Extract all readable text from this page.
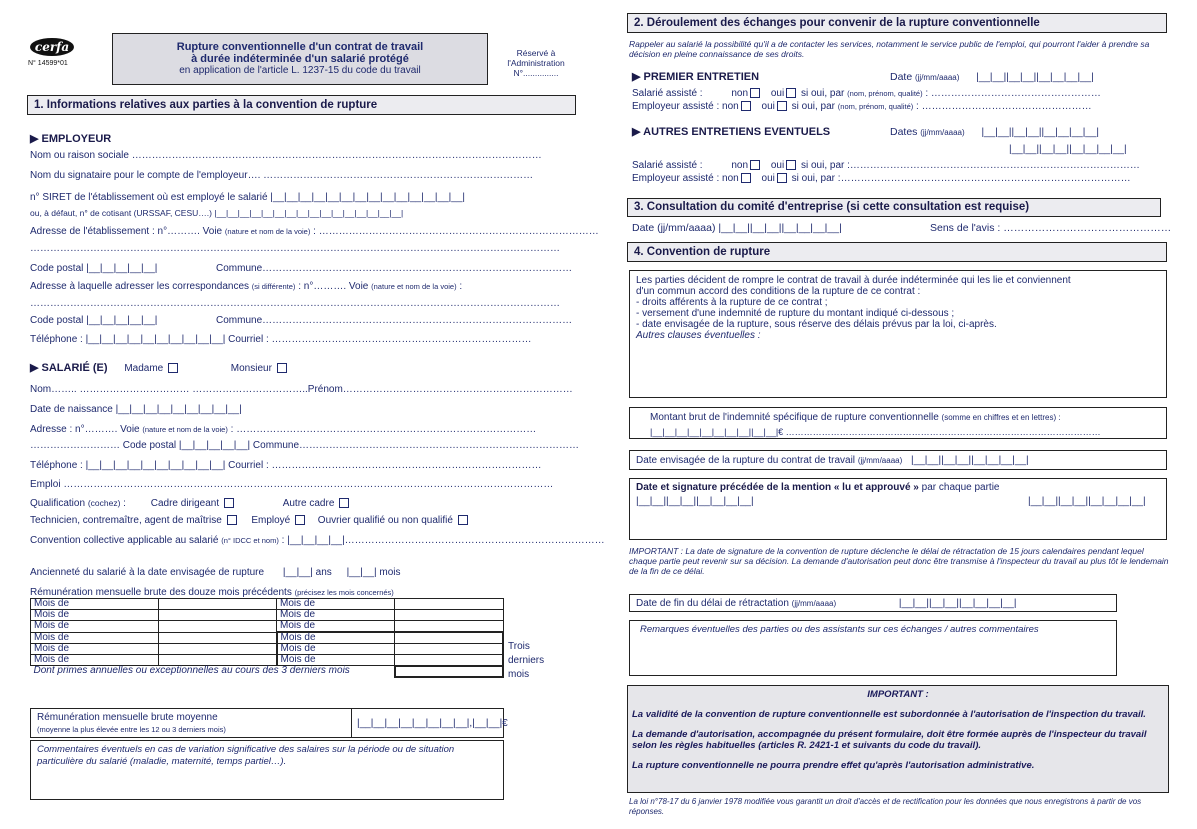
cerfa
N° 14599*01
Rupture conventionnelle d'un contrat de travail
à durée indéterminée d'un salarié protégé
en application de l'article L. 1237-15 du code du travail
Réservé à
l'Administration
N°...............
1. Informations relatives aux parties à la convention de rupture
▶ EMPLOYEUR
Nom ou raison sociale ……………………………………………………………………………………………………………
Nom du signataire pour le compte de l'employeur…. ………………………………………………………………………
n° SIRET de l'établissement où est employé le salarié |__|__|__|__|__|__|__|__|__|__|__|__|__|__|
ou, à défaut, n° de cotisant (URSSAF, CESU….) |__|__|__|__|__|__|__|__|__|__|__|__|__|__|__|__|
Adresse de l'établissement : n°………. Voie (nature et nom de la voie) : …………………………………………………………………………
……………………………………………………………………………………………………………………………………………
Code postal |__|__|__|__|__|	Commune…………………………………………………………………………………
Adresse à laquelle adresser les correspondances (si différente) : n°………. Voie (nature et nom de la voie) :
……………………………………………………………………………………………………………………………………………
Code postal |__|__|__|__|__|	Commune…………………………………………………………………………………
Téléphone : |__|__|__|__|__|__|__|__|__|__| Courriel : ……………………………………………………………………
▶ SALARIÉ (E) Madame	Monsieur
Nom…….. …………………………… ……………………………..Prénom……………………………………………………………
Date de naissance |__|__|__|__|__|__|__|__|__|
Adresse : n°………. Voie (nature et nom de la voie) : ………………………………………………………………………………
……………………… Code postal |__|__|__|__|__| Commune…………………………………………………………………………
Téléphone : |__|__|__|__|__|__|__|__|__|__| Courriel : ………………………………………………………………………
Emploi …………………………………………………………………………………………………………………………………
Qualification (cochez) : Cadre dirigeant	Autre cadre
Technicien, contremaître, agent de maîtrise	Employé	Ouvrier qualifié ou non qualifié
Convention collective applicable au salarié (n° IDCC et nom) : |__|__|__|__|……………………………………………………………………
Ancienneté du salarié à la date envisagée de rupture |__|__| ans |__|__| mois
Rémunération mensuelle brute des douze mois précédents (précisez les mois concernés)
Mois de		Mois de	
Mois de		Mois de	
Mois de		Mois de	
Mois de		Mois de	
Mois de		Mois de	
Mois de		Mois de	
Dont primes annuelles ou exceptionnelles au cours des 3 derniers mois			
Trois
derniers
mois
Rémunération mensuelle brute moyenne
(moyenne la plus élevée entre les 12 ou 3 derniers mois)
|__|__|__|__|__|__|__|__|,|__|__|€
Commentaires éventuels en cas de variation significative des salaires sur la période ou de situation particulière du salarié (maladie, maternité, temps partiel…).
2. Déroulement des échanges pour convenir de la rupture conventionnelle
Rappeler au salarié la possibilité qu'il a de contacter les services, notamment le service public de l'emploi, qui pourront l'aider à prendre sa décision en pleine connaissance de ses droits.
▶ PREMIER ENTRETIEN	Date (jj/mm/aaaa) |__|__||__|__||__|__|__|__|
Salarié assisté :	non oui si oui, par (nom, prénom, qualité) : ……………………………………………
Employeur assisté : non oui si oui, par (nom, prénom, qualité) : ……………………………………………
▶ AUTRES ENTRETIENS EVENTUELS	Dates (jj/mm/aaaa) |__|__||__|__||__|__|__|__|
|__|__||__|__||__|__|__|__|
Salarié assisté :	non oui si oui, par :……………………………………………………………………………
Employeur assisté : non oui si oui, par :……………………………………………………………………………
3. Consultation du comité d'entreprise (si cette consultation est requise)
Date (jj/mm/aaaa) |__|__||__|__||__|__|__|__|	Sens de l'avis : …………………………………………
4. Convention de rupture
Les parties décident de rompre le contrat de travail à durée indéterminée qui les lie et conviennent
d'un commun accord des conditions de la rupture de ce contrat :
- droits afférents à la rupture de ce contrat ;
- versement d'une indemnité de rupture du montant indiqué ci-dessous ;
- date envisagée de la rupture, sous réserve des délais prévus par la loi, ci-après.
Autres clauses éventuelles :
Montant brut de l'indemnité spécifique de rupture conventionnelle (somme en chiffres et en lettres) :
|__|__|__|__|__|__|__|__||__|__|€ ……………………………………………………………………………………………
Date envisagée de la rupture du contrat de travail (jj/mm/aaaa) |__|__||__|__||__|__|__|__|
Date et signature précédée de la mention « lu et approuvé » par chaque partie
|__|__||__|__||__|__|__|__|	|__|__||__|__||__|__|__|__|
IMPORTANT : La date de signature de la convention de rupture déclenche le délai de rétractation de 15 jours calendaires pendant lequel chaque partie peut revenir sur sa décision. La demande d'autorisation peut donc être transmise à l'inspecteur du travail au plus tôt le lendemain de la fin de ce délai.
Date de fin du délai de rétractation (jj/mm/aaaa)	|__|__||__|__||__|__|__|__|
Remarques éventuelles des parties ou des assistants sur ces échanges / autres commentaires
IMPORTANT :
La validité de la convention de rupture conventionnelle est subordonnée à l'autorisation de l'inspection du travail.
La demande d'autorisation, accompagnée du présent formulaire, doit être formée auprès de l'inspecteur du travail selon les règles habituelles (articles R. 2421-1 et suivants du code du travail).
La rupture conventionnelle ne pourra prendre effet qu'après l'autorisation administrative.
La loi n°78-17 du 6 janvier 1978 modifiée vous garantit un droit d'accès et de rectification pour les données que nous enregistrons à partir de vos réponses.
